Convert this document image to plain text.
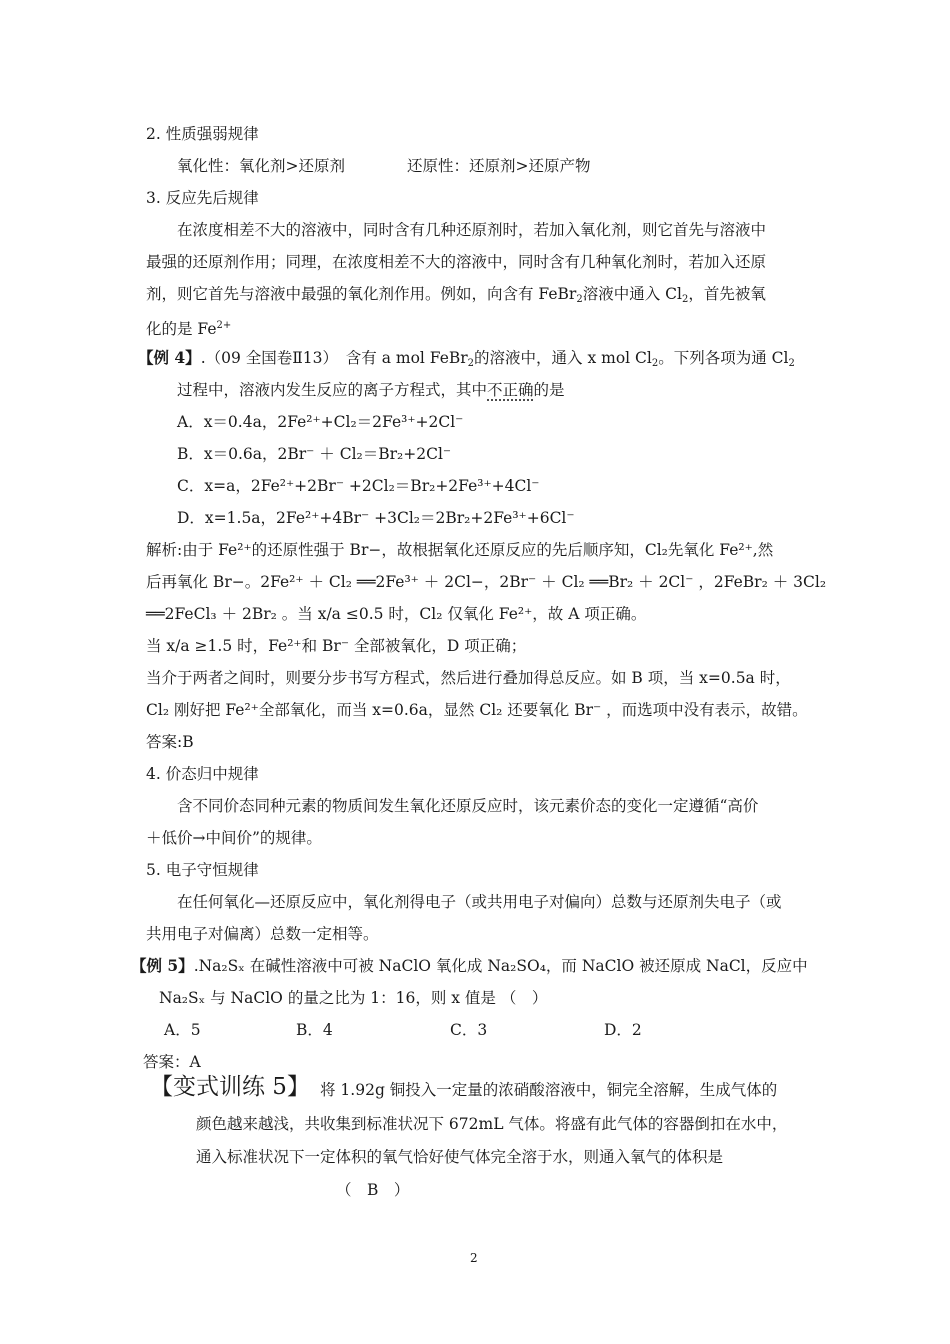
2. 性质强弱规律
氧化性：氧化剂>还原剂　　　　还原性：还原剂>还原产物
3. 反应先后规律
在浓度相差不大的溶液中，同时含有几种还原剂时，若加入氧化剂，则它首先与溶液中
最强的还原剂作用；同理，在浓度相差不大的溶液中，同时含有几种氧化剂时，若加入还原
剂，则它首先与溶液中最强的氧化剂作用。例如，向含有 FeBr$_2$溶液中通入 $Cl_2$，首先被氧
化的是 $Fe^{2+}$
【例 4】.（09 全国卷Ⅱ13）　含有 a mol FeBr$_2$的溶液中，通入 x mol $Cl_2$。下列各项为通 $Cl_2$
过程中，溶液内发生反应的离子方程式，其中不正确的是
A．x＝0.4a，2Fe²⁺+Cl₂＝2Fe³⁺+2Cl⁻
B．x＝0.6a，2Br⁻ ＋ Cl₂＝Br₂+2Cl⁻
C．x=a，2Fe²⁺+2Br⁻ +2Cl₂＝Br₂+2Fe³⁺+4Cl⁻
D．x=1.5a，2Fe²⁺+4Br⁻ +3Cl₂＝2Br₂+2Fe³⁺+6Cl⁻
解析:由于 Fe²⁺的还原性强于 Br−，故根据氧化还原反应的先后顺序知，Cl₂先氧化 Fe²⁺,然
后再氧化 Br−。2Fe²⁺ ＋ Cl₂ ══2Fe³⁺ ＋ 2Cl−，2Br⁻ ＋ Cl₂ ══Br₂ ＋ 2Cl⁻ ，2FeBr₂ ＋ 3Cl₂
══2FeCl₃ ＋ 2Br₂ 。当 x/a ≤0.5 时，Cl₂ 仅氧化 Fe²⁺，故 A 项正确。
当 x/a ≥1.5 时，Fe²⁺和 Br⁻ 全部被氧化，D 项正确；
当介于两者之间时，则要分步书写方程式，然后进行叠加得总反应。如 B 项，当 x=0.5a 时，
Cl₂ 刚好把 Fe²⁺全部氧化，而当 x=0.6a，显然 Cl₂ 还要氧化 Br⁻ ，而选项中没有表示，故错。
答案:B
4. 价态归中规律
含不同价态同种元素的物质间发生氧化还原反应时，该元素价态的变化一定遵循“高价
＋低价→中间价”的规律。
5. 电子守恒规律
在任何氧化—还原反应中，氧化剂得电子（或共用电子对偏向）总数与还原剂失电子（或
共用电子对偏离）总数一定相等。
【例 5】.Na₂Sₓ 在碱性溶液中可被 NaClO 氧化成 Na₂SO₄，而 NaClO 被还原成 NaCl，反应中
Na₂Sₓ 与 NaClO 的量之比为 1：16，则 x 值是 （　）
A．5	B．4	C．3	D．2
答案：A
【变式训练 5】 将 1.92g 铜投入一定量的浓硝酸溶液中，铜完全溶解，生成气体的
颜色越来越浅，共收集到标准状况下 672mL 气体。将盛有此气体的容器倒扣在水中，
通入标准状况下一定体积的氧气恰好使气体完全溶于水，则通入氧气的体积是
（　B　）
2
